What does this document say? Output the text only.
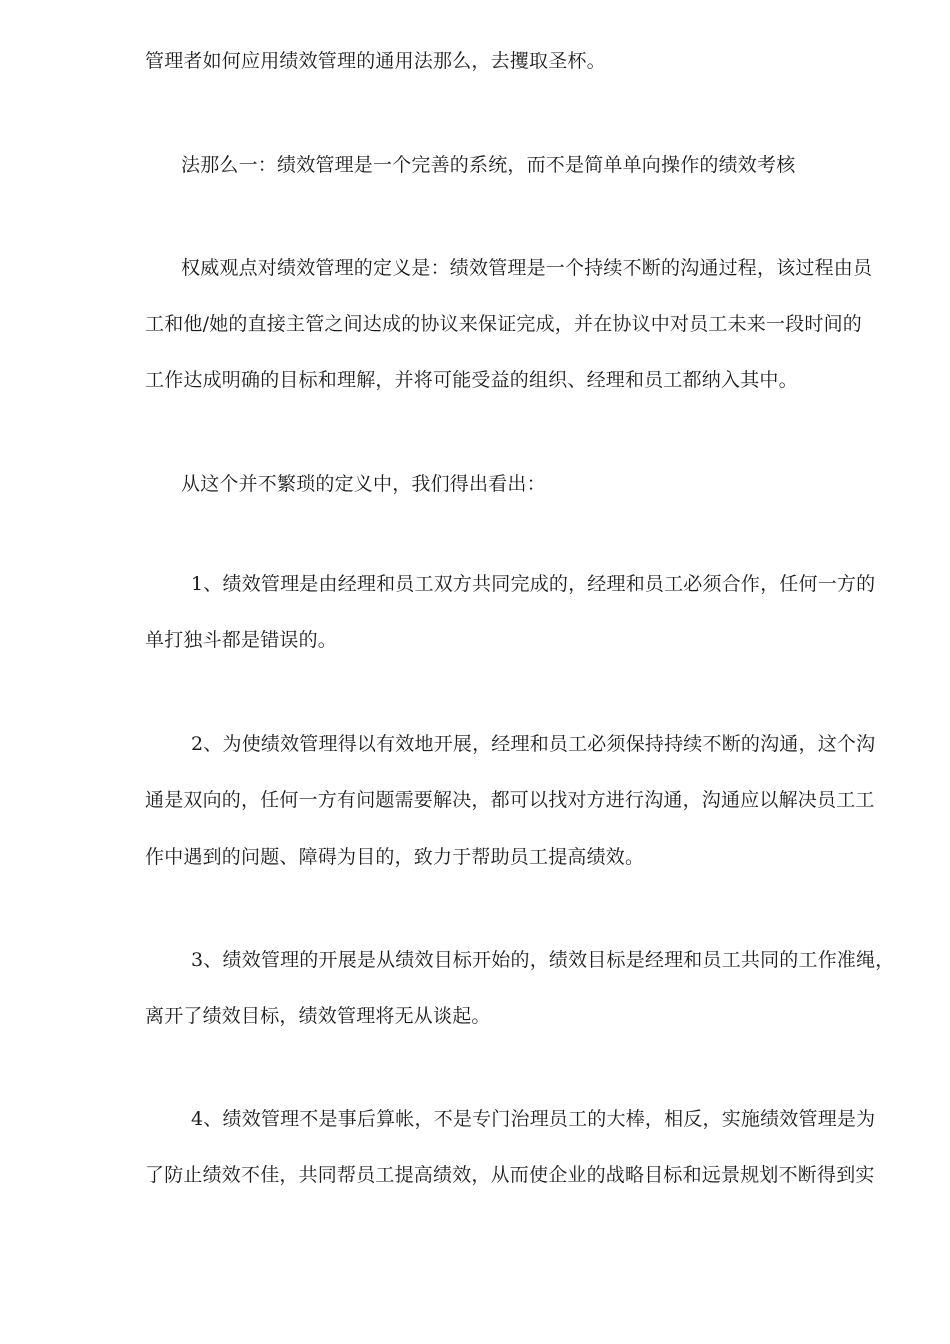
管理者如何应用绩效管理的通用法那么，去攫取圣杯。
法那么一：绩效管理是一个完善的系统，而不是简单单向操作的绩效考核
权威观点对绩效管理的定义是：绩效管理是一个持续不断的沟通过程，该过程由员
工和他/她的直接主管之间达成的协议来保证完成，并在协议中对员工未来一段时间的
工作达成明确的目标和理解，并将可能受益的组织、经理和员工都纳入其中。
从这个并不繁琐的定义中，我们得出看出：
1、绩效管理是由经理和员工双方共同完成的，经理和员工必须合作，任何一方的
单打独斗都是错误的。
2、为使绩效管理得以有效地开展，经理和员工必须保持持续不断的沟通，这个沟
通是双向的，任何一方有问题需要解决，都可以找对方进行沟通，沟通应以解决员工工
作中遇到的问题、障碍为目的，致力于帮助员工提高绩效。
3、绩效管理的开展是从绩效目标开始的，绩效目标是经理和员工共同的工作准绳，
离开了绩效目标，绩效管理将无从谈起。
4、绩效管理不是事后算帐，不是专门治理员工的大棒，相反，实施绩效管理是为
了防止绩效不佳，共同帮员工提高绩效，从而使企业的战略目标和远景规划不断得到实
